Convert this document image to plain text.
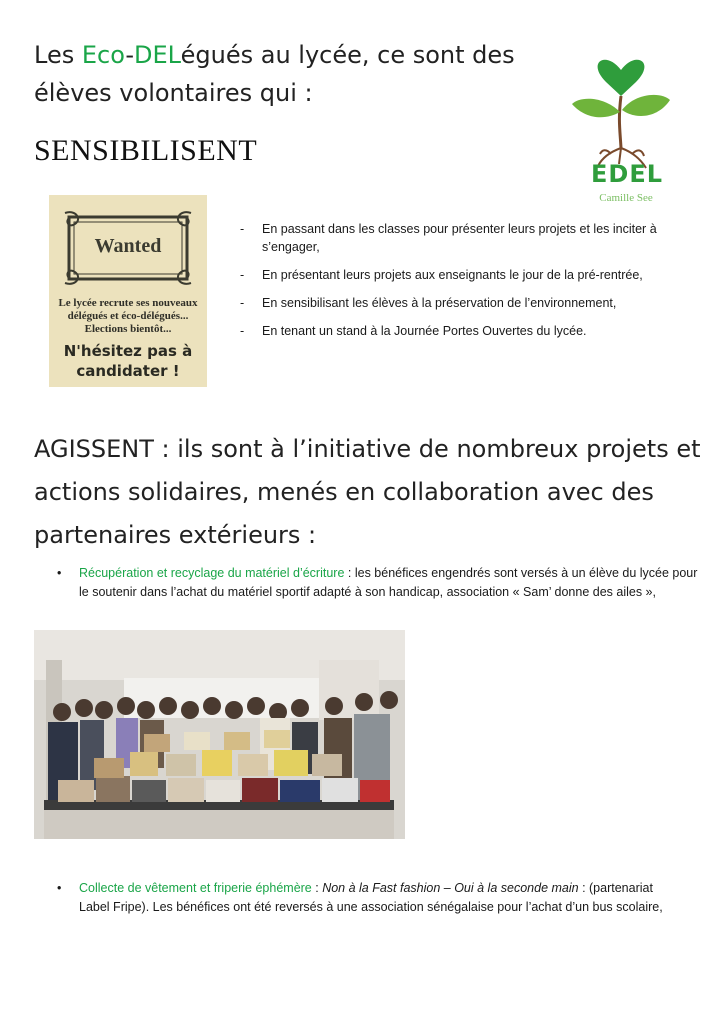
Les Eco-DELégués au lycée, ce sont des élèves volontaires qui :
SENSIBILISENT
EDEL
Camille See
Wanted
Le lycée recrute ses nouveaux délégués et éco-délégués... Elections bientôt...
N'hésitez pas à candidater !
- En passant dans les classes pour présenter leurs projets et les inciter à s’engager,
- En présentant leurs projets aux enseignants le jour de la pré-rentrée,
- En sensibilisant les élèves à la préservation de l’environnement,
- En tenant un stand à la Journée Portes Ouvertes du lycée.
AGISSENT : ils sont à l’initiative de nombreux projets et actions solidaires, menés en collaboration avec des partenaires extérieurs :
• Récupération et recyclage du matériel d’écriture : les bénéfices engendrés sont versés à un élève du lycée pour le soutenir dans l’achat du matériel sportif adapté à son handicap, association « Sam’ donne des ailes »,
• Collecte de vêtement et friperie éphémère : Non à la Fast fashion – Oui à la seconde main : (partenariat Label Fripe). Les bénéfices ont été reversés à une association sénégalaise pour l’achat d’un bus scolaire,
